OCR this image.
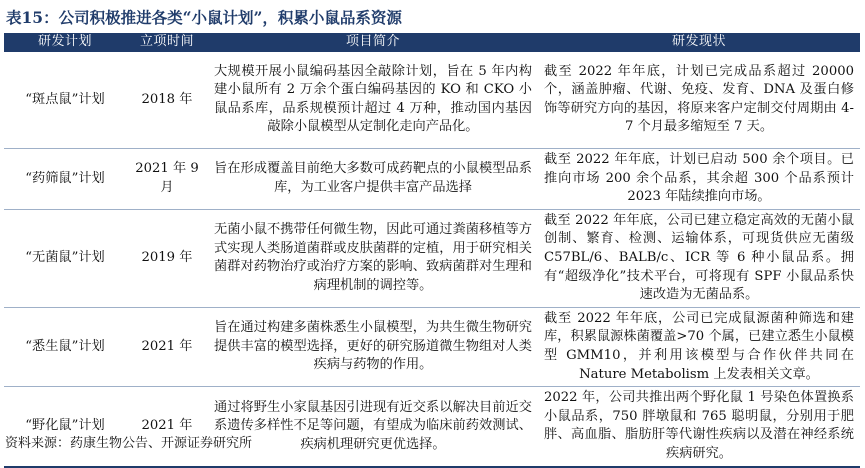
表15：公司积极推进各类“小鼠计划”，积累小鼠品系资源
研发计划	立项时间	项目简介	研发现状
“斑点鼠”计划	2018 年	大规模开展小鼠编码基因全敲除计划，旨在 5 年内构建小鼠所有 2 万余个蛋白编码基因的 KO 和 CKO 小鼠品系库，品系规模预计超过 4 万种，推动国内基因敲除小鼠模型从定制化走向产品化。	截至 2022 年年底，计划已完成品系超过 20000 个，涵盖肿瘤、代谢、免疫、发育、DNA 及蛋白修饰等研究方向的基因，将原来客户定制交付周期由 4-7 个月最多缩短至 7 天。
“药筛鼠”计划	2021 年 9 月	旨在形成覆盖目前绝大多数可成药靶点的小鼠模型品系库，为工业客户提供丰富产品选择	截至 2022 年年底，计划已启动 500 余个项目。已推向市场 200 余个品系，其余超 300 个品系预计 2023 年陆续推向市场。
“无菌鼠”计划	2019 年	无菌小鼠不携带任何微生物，因此可通过粪菌移植等方式实现人类肠道菌群或皮肤菌群的定植，用于研究相关菌群对药物治疗或治疗方案的影响、致病菌群对生理和病理机制的调控等。	截至 2022 年年底，公司已建立稳定高效的无菌小鼠创制、繁育、检测、运输体系，可现货供应无菌级 C57BL/6、BALB/c、ICR 等 6 种小鼠品系。拥有“超级净化”技术平台，可将现有 SPF 小鼠品系快速改造为无菌品系。
“悉生鼠”计划	2021 年	旨在通过构建多菌株悉生小鼠模型，为共生微生物研究提供丰富的模型选择，更好的研究肠道微生物组对人类疾病与药物的作用。	截至 2022 年年底，公司已完成鼠源菌种筛选和建库，积累鼠源株菌覆盖>70 个属，已建立悉生小鼠模型 GMM10，并利用该模型与合作伙伴共同在 Nature Metabolism 上发表相关文章。
“野化鼠”计划	2021 年	通过将野生小家鼠基因引进现有近交系以解决目前近交系遗传多样性不足等问题，有望成为临床前药效测试、疾病机理研究更优选择。	2022 年，公司共推出两个野化鼠 1 号染色体置换系小鼠品系，750 胖墩鼠和 765 聪明鼠，分别用于肥胖、高血脂、脂肪肝等代谢性疾病以及潜在神经系统疾病研究。
资料来源：药康生物公告、开源证券研究所
